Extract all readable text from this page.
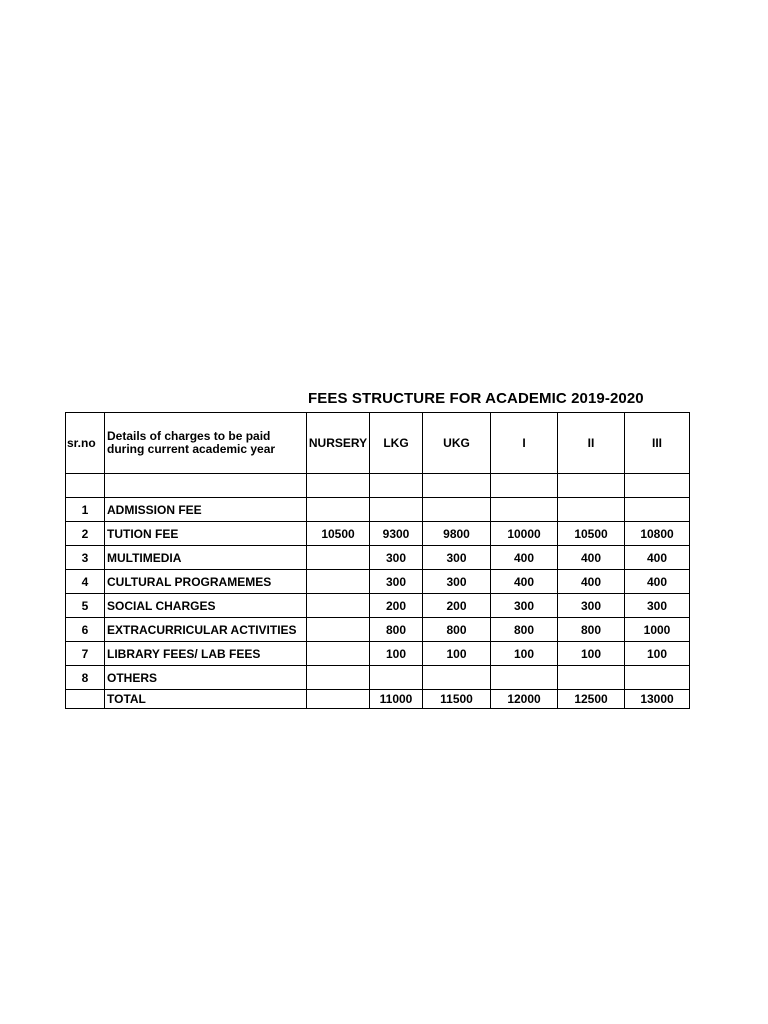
FEES STRUCTURE FOR ACADEMIC 2019-2020
sr.no	Details of charges to be paid during current academic year	NURSERY	LKG	UKG	I	II	III

1	ADMISSION FEE						
2	TUTION FEE	10500	9300	9800	10000	10500	10800
3	MULTIMEDIA		300	300	400	400	400
4	CULTURAL PROGRAMEMES		300	300	400	400	400
5	SOCIAL CHARGES		200	200	300	300	300
6	EXTRACURRICULAR ACTIVITIES		800	800	800	800	1000
7	LIBRARY FEES/ LAB FEES		100	100	100	100	100
8	OTHERS						
	TOTAL		11000	11500	12000	12500	13000
